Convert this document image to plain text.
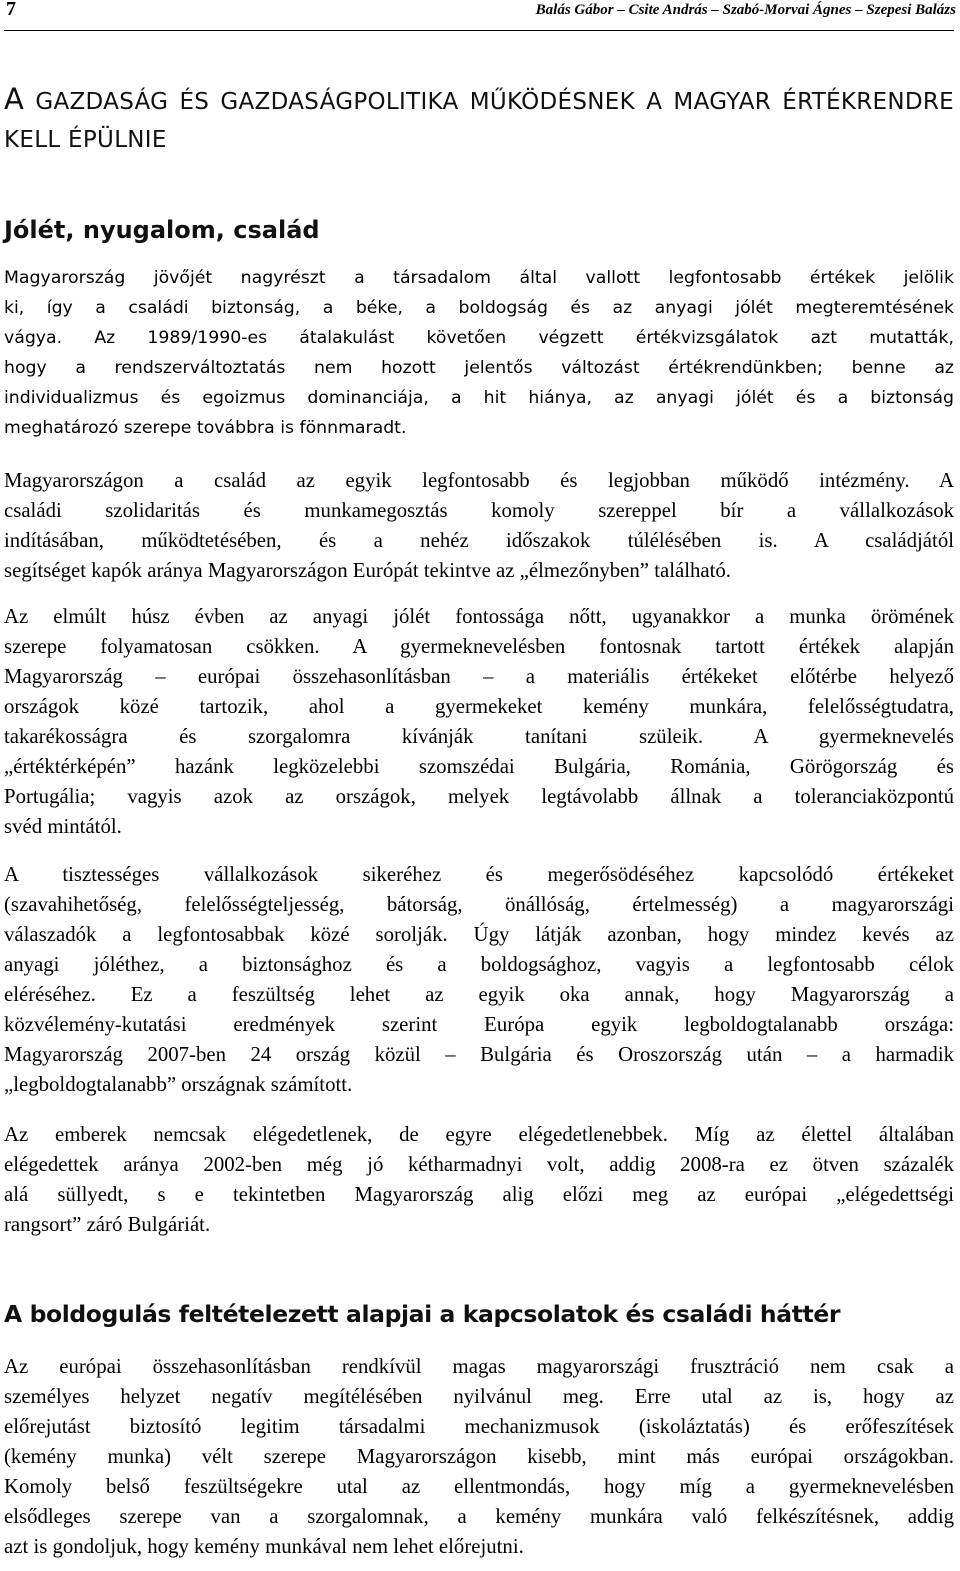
7	Balás Gábor – Csite András – Szabó-Morvai Ágnes – Szepesi Balázs
A GAZDASÁG ÉS GAZDASÁGPOLITIKA MŰKÖDÉSNEK A MAGYAR ÉRTÉKRENDRE KELL ÉPÜLNIE
Jólét, nyugalom, család

Magyarország jövőjét nagyrészt a társadalom által vallott legfontosabb értékek jelölik
ki, így a családi biztonság, a béke, a boldogság és az anyagi jólét megteremtésének
vágya. Az 1989/1990-es átalakulást követően végzett értékvizsgálatok azt mutatták,
hogy a rendszerváltoztatás nem hozott jelentős változást értékrendünkben; benne az
individualizmus és egoizmus dominanciája, a hit hiánya, az anyagi jólét és a biztonság
meghatározó szerepe továbbra is fönnmaradt.

Magyarországon a család az egyik legfontosabb és legjobban működő intézmény. A
családi szolidaritás és munkamegosztás komoly szereppel bír a vállalkozások
indításában, működtetésében, és a nehéz időszakok túlélésében is. A családjától
segítséget kapók aránya Magyarországon Európát tekintve az „élmezőnyben” található.

Az elmúlt húsz évben az anyagi jólét fontossága nőtt, ugyanakkor a munka örömének
szerepe folyamatosan csökken. A gyermeknevelésben fontosnak tartott értékek alapján
Magyarország – európai összehasonlításban – a materiális értékeket előtérbe helyező
országok közé tartozik, ahol a gyermekeket kemény munkára, felelősségtudatra,
takarékosságra és szorgalomra kívánják tanítani szüleik. A gyermeknevelés
„értéktérképén” hazánk legközelebbi szomszédai Bulgária, Románia, Görögország és
Portugália; vagyis azok az országok, melyek legtávolabb állnak a toleranciaközpontú
svéd mintától.

A tisztességes vállalkozások sikeréhez és megerősödéséhez kapcsolódó értékeket
(szavahihetőség, felelősségteljesség, bátorság, önállóság, értelmesség) a magyarországi
válaszadók a legfontosabbak közé sorolják. Úgy látják azonban, hogy mindez kevés az
anyagi jóléthez, a biztonsághoz és a boldogsághoz, vagyis a legfontosabb célok
eléréséhez. Ez a feszültség lehet az egyik oka annak, hogy Magyarország a
közvélemény-kutatási eredmények szerint Európa egyik legboldogtalanabb országa:
Magyarország 2007-ben 24 ország közül – Bulgária és Oroszország után – a harmadik
„legboldogtalanabb” országnak számított.

Az emberek nemcsak elégedetlenek, de egyre elégedetlenebbek. Míg az élettel általában
elégedettek aránya 2002-ben még jó kétharmadnyi volt, addig 2008-ra ez ötven százalék
alá süllyedt, s e tekintetben Magyarország alig előzi meg az európai „elégedettségi
rangsort” záró Bulgáriát.

A boldogulás feltételezett alapjai a kapcsolatok és családi háttér

Az európai összehasonlításban rendkívül magas magyarországi frusztráció nem csak a
személyes helyzet negatív megítélésében nyilvánul meg. Erre utal az is, hogy az
előrejutást biztosító legitim társadalmi mechanizmusok (iskoláztatás) és erőfeszítések
(kemény munka) vélt szerepe Magyarországon kisebb, mint más európai országokban.
Komoly belső feszültségekre utal az ellentmondás, hogy míg a gyermeknevelésben
elsődleges szerepe van a szorgalomnak, a kemény munkára való felkészítésnek, addig
azt is gondoljuk, hogy kemény munkával nem lehet előrejutni.
